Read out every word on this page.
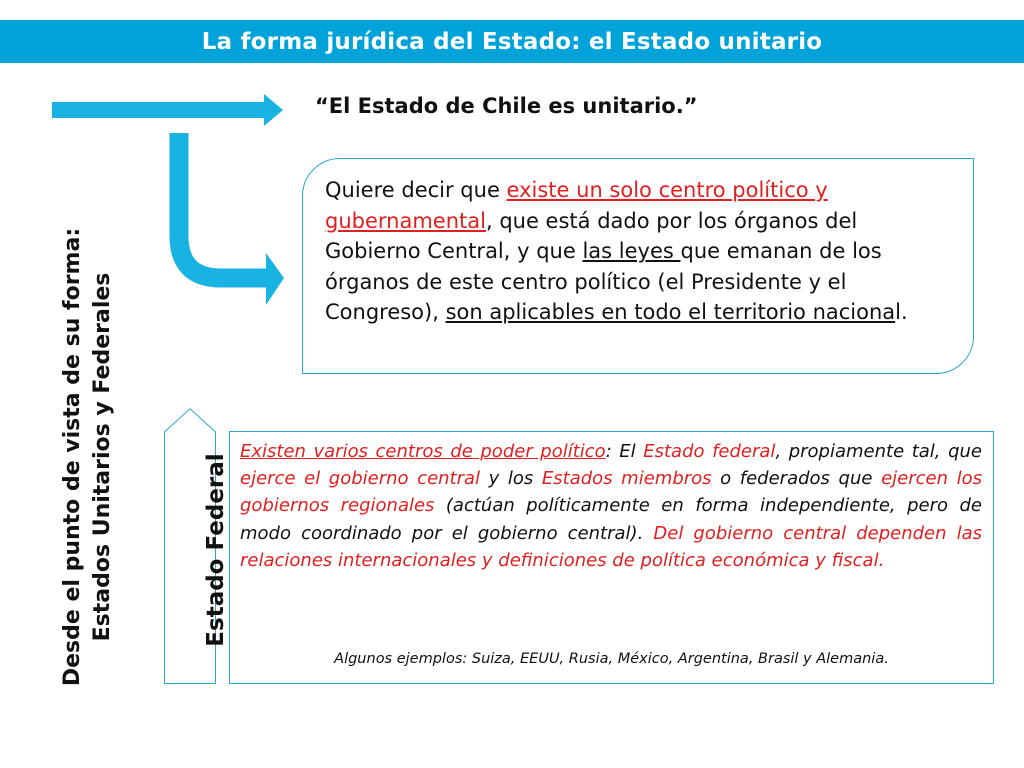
La forma jurídica del Estado: el Estado unitario
Desde el punto de vista de su forma: Estados Unitarios y Federales
“El Estado de Chile es unitario.”
Quiere decir que existe un solo centro político y gubernamental, que está dado por los órganos del Gobierno Central, y que las leyes que emanan de los órganos de este centro político (el Presidente y el Congreso), son aplicables en todo el territorio nacional.
Estado Federal
Existen varios centros de poder político: El Estado federal, propiamente tal, que ejerce el gobierno central y los Estados miembros o federados que ejercen los gobiernos regionales (actúan políticamente en forma independiente, pero de modo coordinado por el gobierno central). Del gobierno central dependen las relaciones internacionales y definiciones de política económica y fiscal.
Algunos ejemplos: Suiza, EEUU, Rusia, México, Argentina, Brasil y Alemania.
